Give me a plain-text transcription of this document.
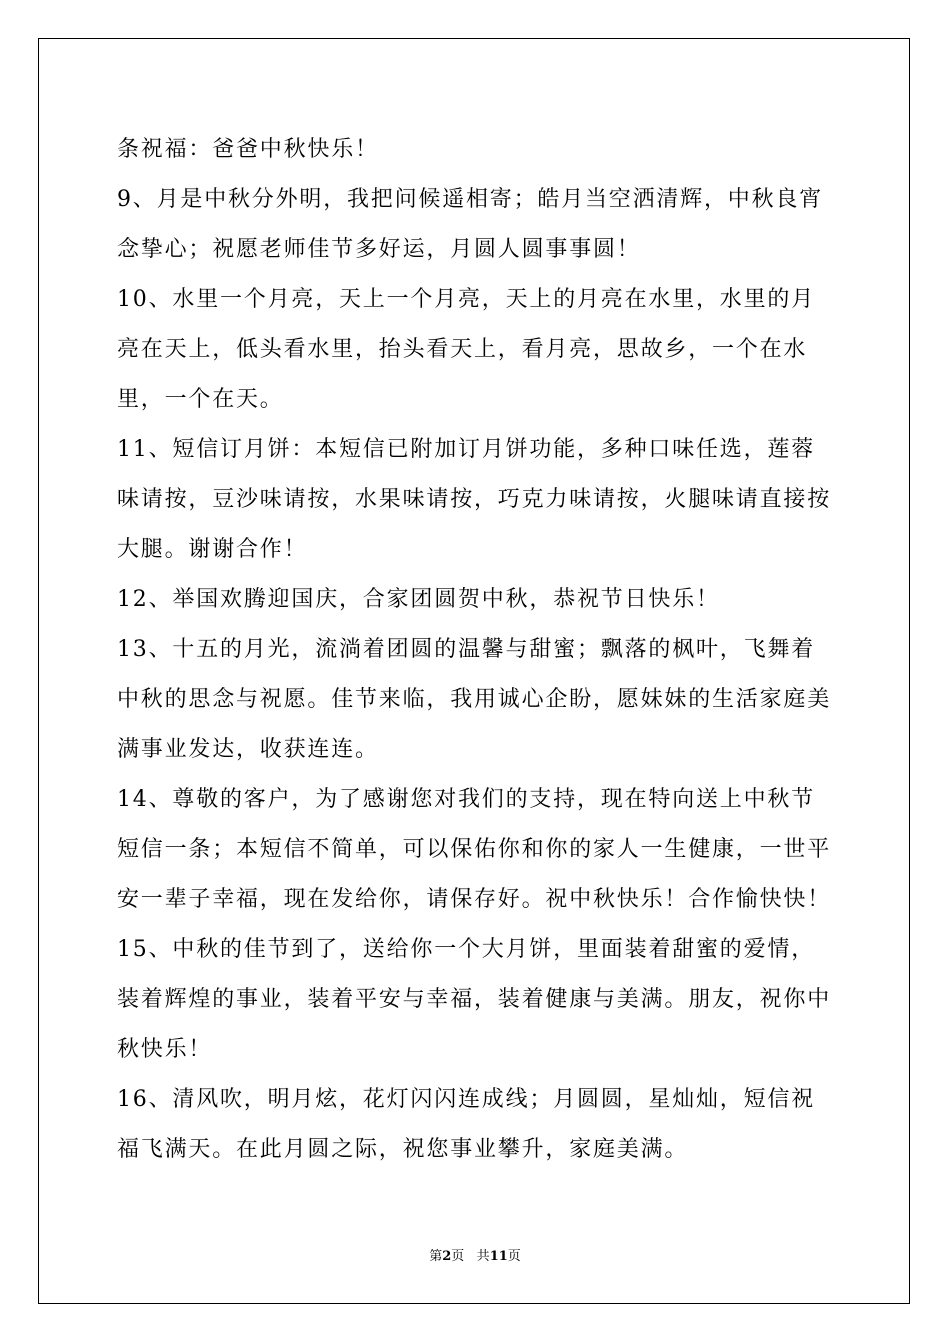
条祝福：爸爸中秋快乐！

9、月是中秋分外明，我把问候遥相寄；皓月当空洒清辉，中秋良宵念挚心；祝愿老师佳节多好运，月圆人圆事事圆！

10、水里一个月亮，天上一个月亮，天上的月亮在水里，水里的月亮在天上，低头看水里，抬头看天上，看月亮，思故乡，一个在水里，一个在天。

11、短信订月饼：本短信已附加订月饼功能，多种口味任选，莲蓉味请按，豆沙味请按，水果味请按，巧克力味请按，火腿味请直接按大腿。谢谢合作！

12、举国欢腾迎国庆，合家团圆贺中秋，恭祝节日快乐！

13、十五的月光，流淌着团圆的温馨与甜蜜；飘落的枫叶，飞舞着中秋的思念与祝愿。佳节来临，我用诚心企盼，愿妹妹的生活家庭美满事业发达，收获连连。

14、尊敬的客户，为了感谢您对我们的支持，现在特向送上中秋节短信一条；本短信不简单，可以保佑你和你的家人一生健康，一世平安一辈子幸福，现在发给你，请保存好。祝中秋快乐！合作愉快快！

15、中秋的佳节到了，送给你一个大月饼，里面装着甜蜜的爱情，装着辉煌的事业，装着平安与幸福，装着健康与美满。朋友，祝你中秋快乐！

16、清风吹，明月炫，花灯闪闪连成线；月圆圆，星灿灿，短信祝福飞满天。在此月圆之际，祝您事业攀升，家庭美满。

第2页 共11页
